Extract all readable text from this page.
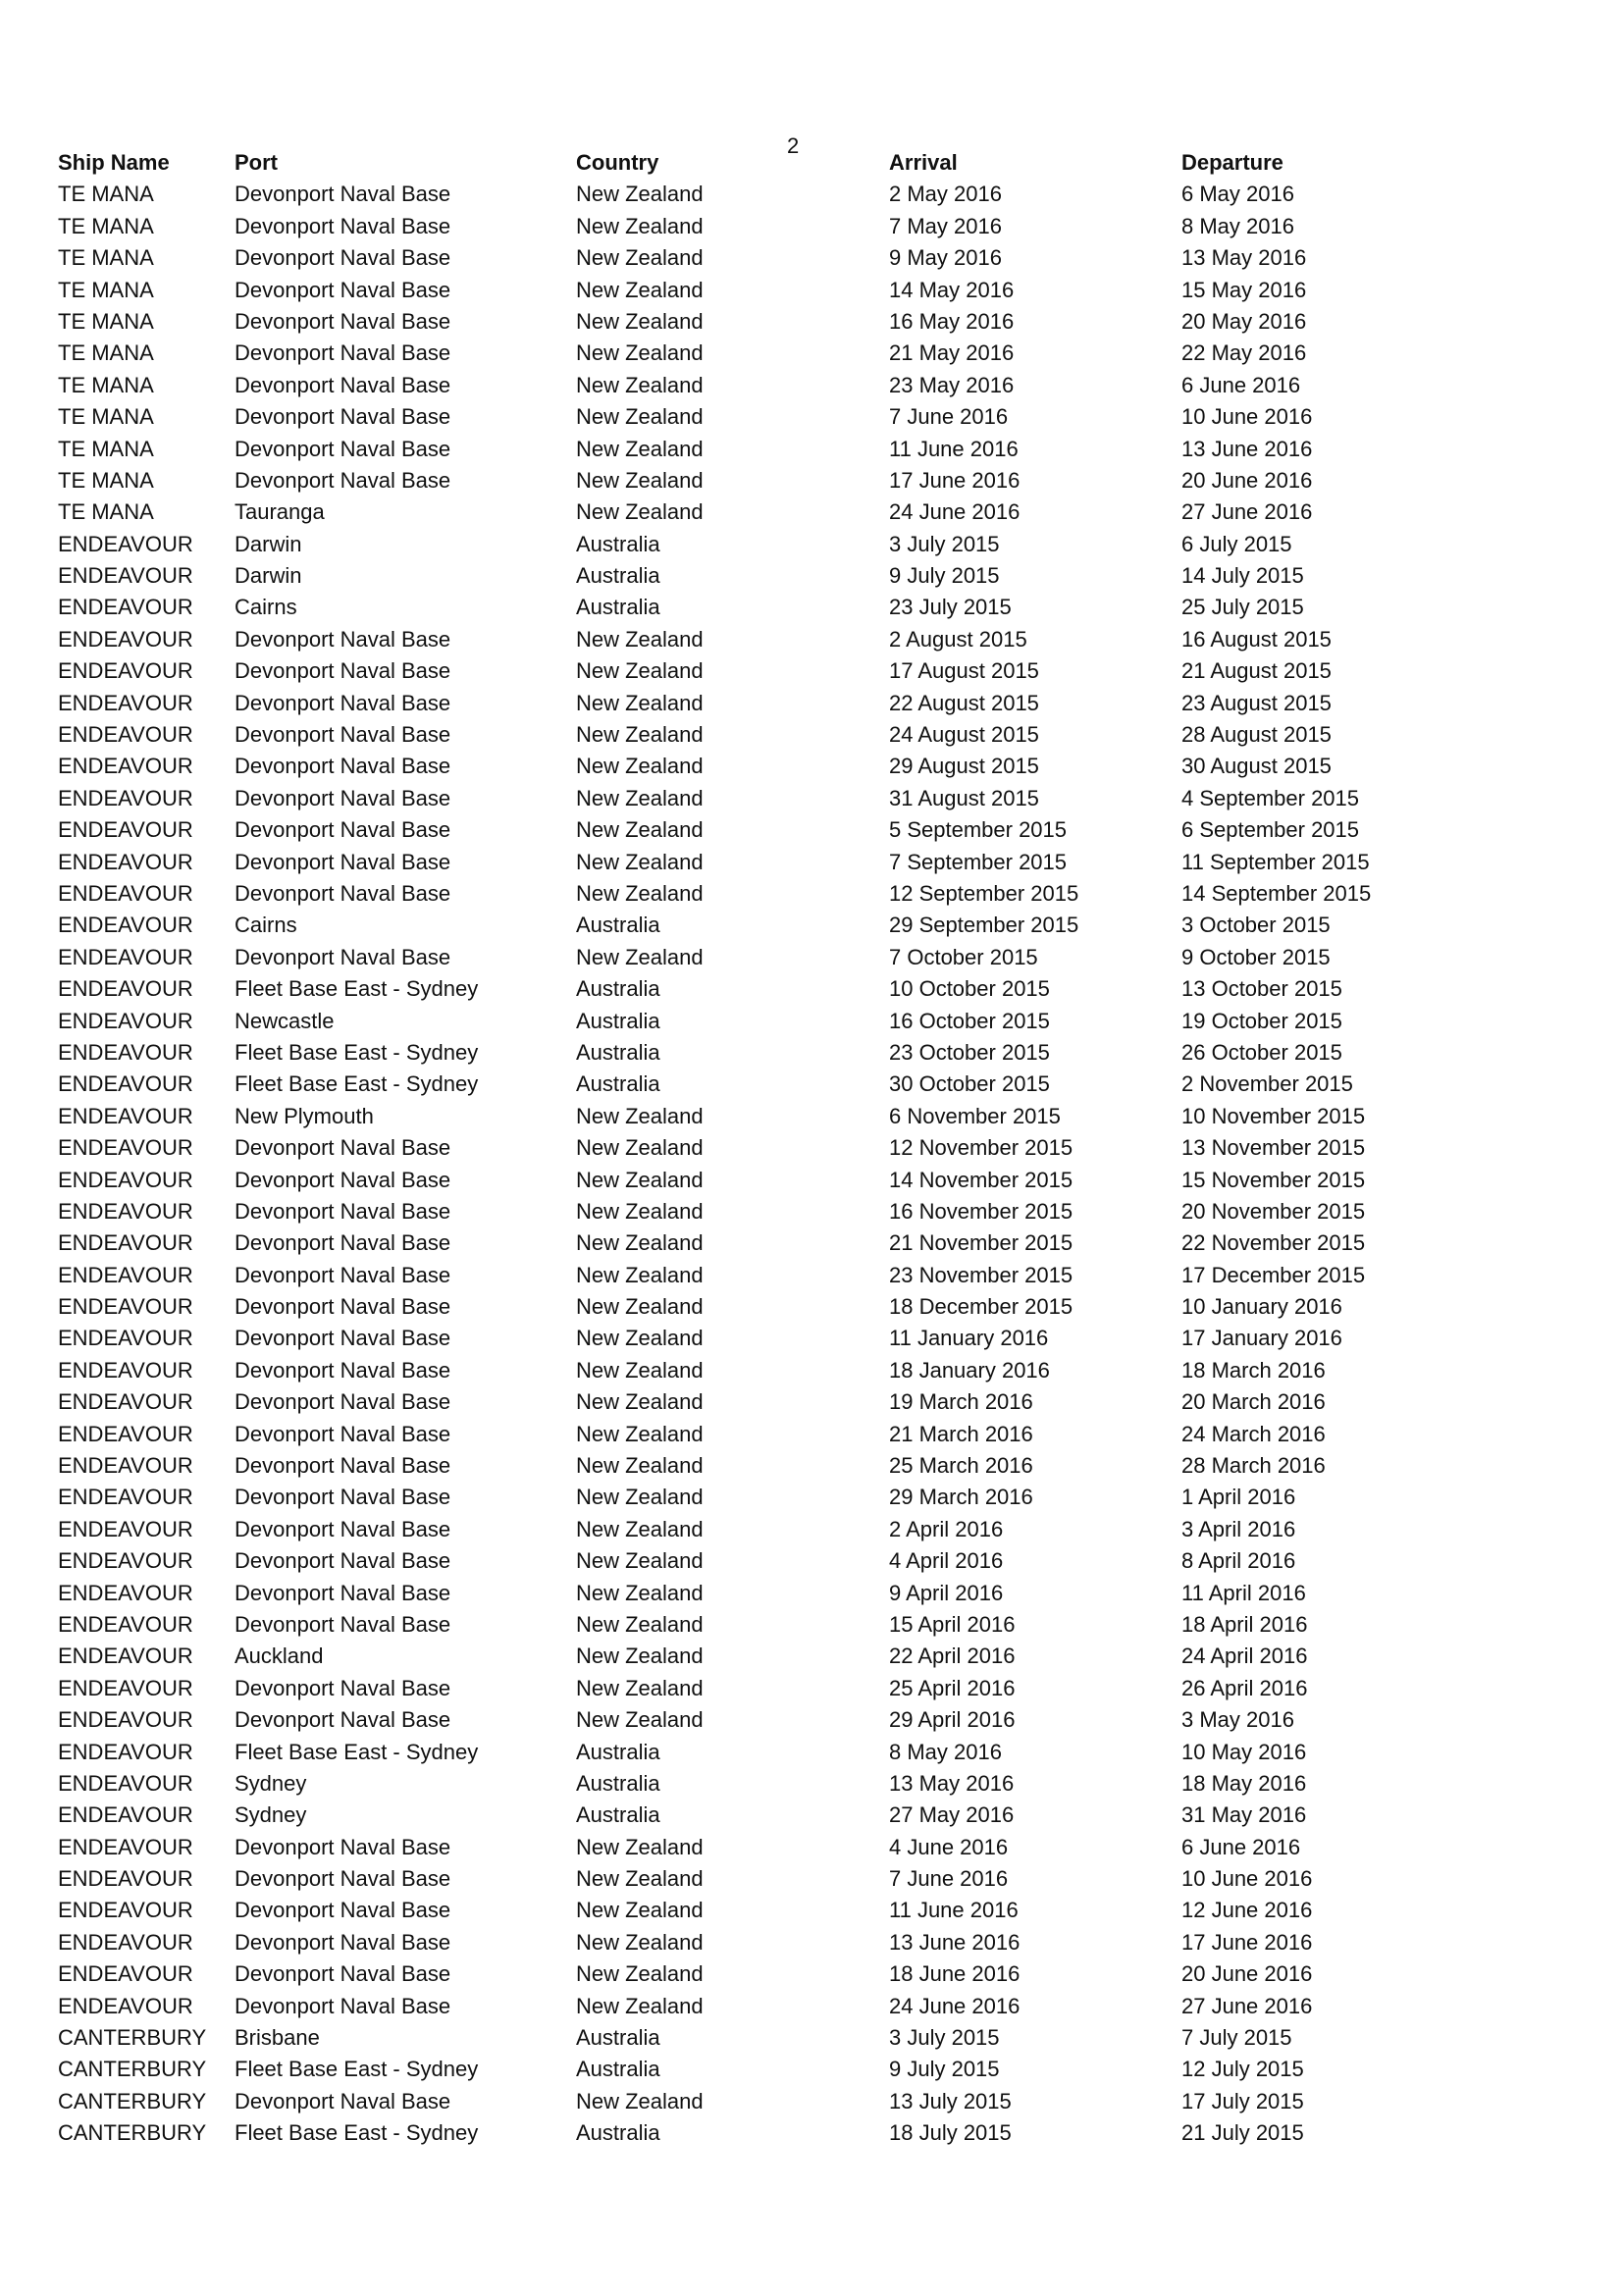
2
Ship Name	Port	Country	Arrival	Departure
TE MANA	Devonport Naval Base	New Zealand	2 May 2016	6 May 2016
TE MANA	Devonport Naval Base	New Zealand	7 May 2016	8 May 2016
TE MANA	Devonport Naval Base	New Zealand	9 May 2016	13 May 2016
TE MANA	Devonport Naval Base	New Zealand	14 May 2016	15 May 2016
TE MANA	Devonport Naval Base	New Zealand	16 May 2016	20 May 2016
TE MANA	Devonport Naval Base	New Zealand	21 May 2016	22 May 2016
TE MANA	Devonport Naval Base	New Zealand	23 May 2016	6 June 2016
TE MANA	Devonport Naval Base	New Zealand	7 June 2016	10 June 2016
TE MANA	Devonport Naval Base	New Zealand	11 June 2016	13 June 2016
TE MANA	Devonport Naval Base	New Zealand	17 June 2016	20 June 2016
TE MANA	Tauranga	New Zealand	24 June 2016	27 June 2016
ENDEAVOUR Darwin	Australia	3 July 2015	6 July 2015
ENDEAVOUR Darwin	Australia	9 July 2015	14 July 2015
ENDEAVOUR Cairns	Australia	23 July 2015	25 July 2015
ENDEAVOUR Devonport Naval Base	New Zealand	2 August 2015	16 August 2015
ENDEAVOUR Devonport Naval Base	New Zealand	17 August 2015	21 August 2015
ENDEAVOUR Devonport Naval Base	New Zealand	22 August 2015	23 August 2015
ENDEAVOUR Devonport Naval Base	New Zealand	24 August 2015	28 August 2015
ENDEAVOUR Devonport Naval Base	New Zealand	29 August 2015	30 August 2015
ENDEAVOUR Devonport Naval Base	New Zealand	31 August 2015	4 September 2015
ENDEAVOUR Devonport Naval Base	New Zealand	5 September 2015	6 September 2015
ENDEAVOUR Devonport Naval Base	New Zealand	7 September 2015	11 September 2015
ENDEAVOUR Devonport Naval Base	New Zealand	12 September 2015	14 September 2015
ENDEAVOUR Cairns	Australia	29 September 2015	3 October 2015
ENDEAVOUR Devonport Naval Base	New Zealand	7 October 2015	9 October 2015
ENDEAVOUR Fleet Base East - Sydney	Australia	10 October 2015	13 October 2015
ENDEAVOUR Newcastle	Australia	16 October 2015	19 October 2015
ENDEAVOUR Fleet Base East - Sydney	Australia	23 October 2015	26 October 2015
ENDEAVOUR Fleet Base East - Sydney	Australia	30 October 2015	2 November 2015
ENDEAVOUR New Plymouth	New Zealand	6 November 2015	10 November 2015
ENDEAVOUR Devonport Naval Base	New Zealand	12 November 2015	13 November 2015
ENDEAVOUR Devonport Naval Base	New Zealand	14 November 2015	15 November 2015
ENDEAVOUR Devonport Naval Base	New Zealand	16 November 2015	20 November 2015
ENDEAVOUR Devonport Naval Base	New Zealand	21 November 2015	22 November 2015
ENDEAVOUR Devonport Naval Base	New Zealand	23 November 2015	17 December 2015
ENDEAVOUR Devonport Naval Base	New Zealand	18 December 2015	10 January 2016
ENDEAVOUR Devonport Naval Base	New Zealand	11 January 2016	17 January 2016
ENDEAVOUR Devonport Naval Base	New Zealand	18 January 2016	18 March 2016
ENDEAVOUR Devonport Naval Base	New Zealand	19 March 2016	20 March 2016
ENDEAVOUR Devonport Naval Base	New Zealand	21 March 2016	24 March 2016
ENDEAVOUR Devonport Naval Base	New Zealand	25 March 2016	28 March 2016
ENDEAVOUR Devonport Naval Base	New Zealand	29 March 2016	1 April 2016
ENDEAVOUR Devonport Naval Base	New Zealand	2 April 2016	3 April 2016
ENDEAVOUR Devonport Naval Base	New Zealand	4 April 2016	8 April 2016
ENDEAVOUR Devonport Naval Base	New Zealand	9 April 2016	11 April 2016
ENDEAVOUR Devonport Naval Base	New Zealand	15 April 2016	18 April 2016
ENDEAVOUR Auckland	New Zealand	22 April 2016	24 April 2016
ENDEAVOUR Devonport Naval Base	New Zealand	25 April 2016	26 April 2016
ENDEAVOUR Devonport Naval Base	New Zealand	29 April 2016	3 May 2016
ENDEAVOUR Fleet Base East - Sydney	Australia	8 May 2016	10 May 2016
ENDEAVOUR Sydney	Australia	13 May 2016	18 May 2016
ENDEAVOUR Sydney	Australia	27 May 2016	31 May 2016
ENDEAVOUR Devonport Naval Base	New Zealand	4 June 2016	6 June 2016
ENDEAVOUR Devonport Naval Base	New Zealand	7 June 2016	10 June 2016
ENDEAVOUR Devonport Naval Base	New Zealand	11 June 2016	12 June 2016
ENDEAVOUR Devonport Naval Base	New Zealand	13 June 2016	17 June 2016
ENDEAVOUR Devonport Naval Base	New Zealand	18 June 2016	20 June 2016
ENDEAVOUR Devonport Naval Base	New Zealand	24 June 2016	27 June 2016
CANTERBURY Brisbane	Australia	3 July 2015	7 July 2015
CANTERBURY Fleet Base East - Sydney	Australia	9 July 2015	12 July 2015
CANTERBURY Devonport Naval Base	New Zealand	13 July 2015	17 July 2015
CANTERBURY Fleet Base East - Sydney	Australia	18 July 2015	21 July 2015
